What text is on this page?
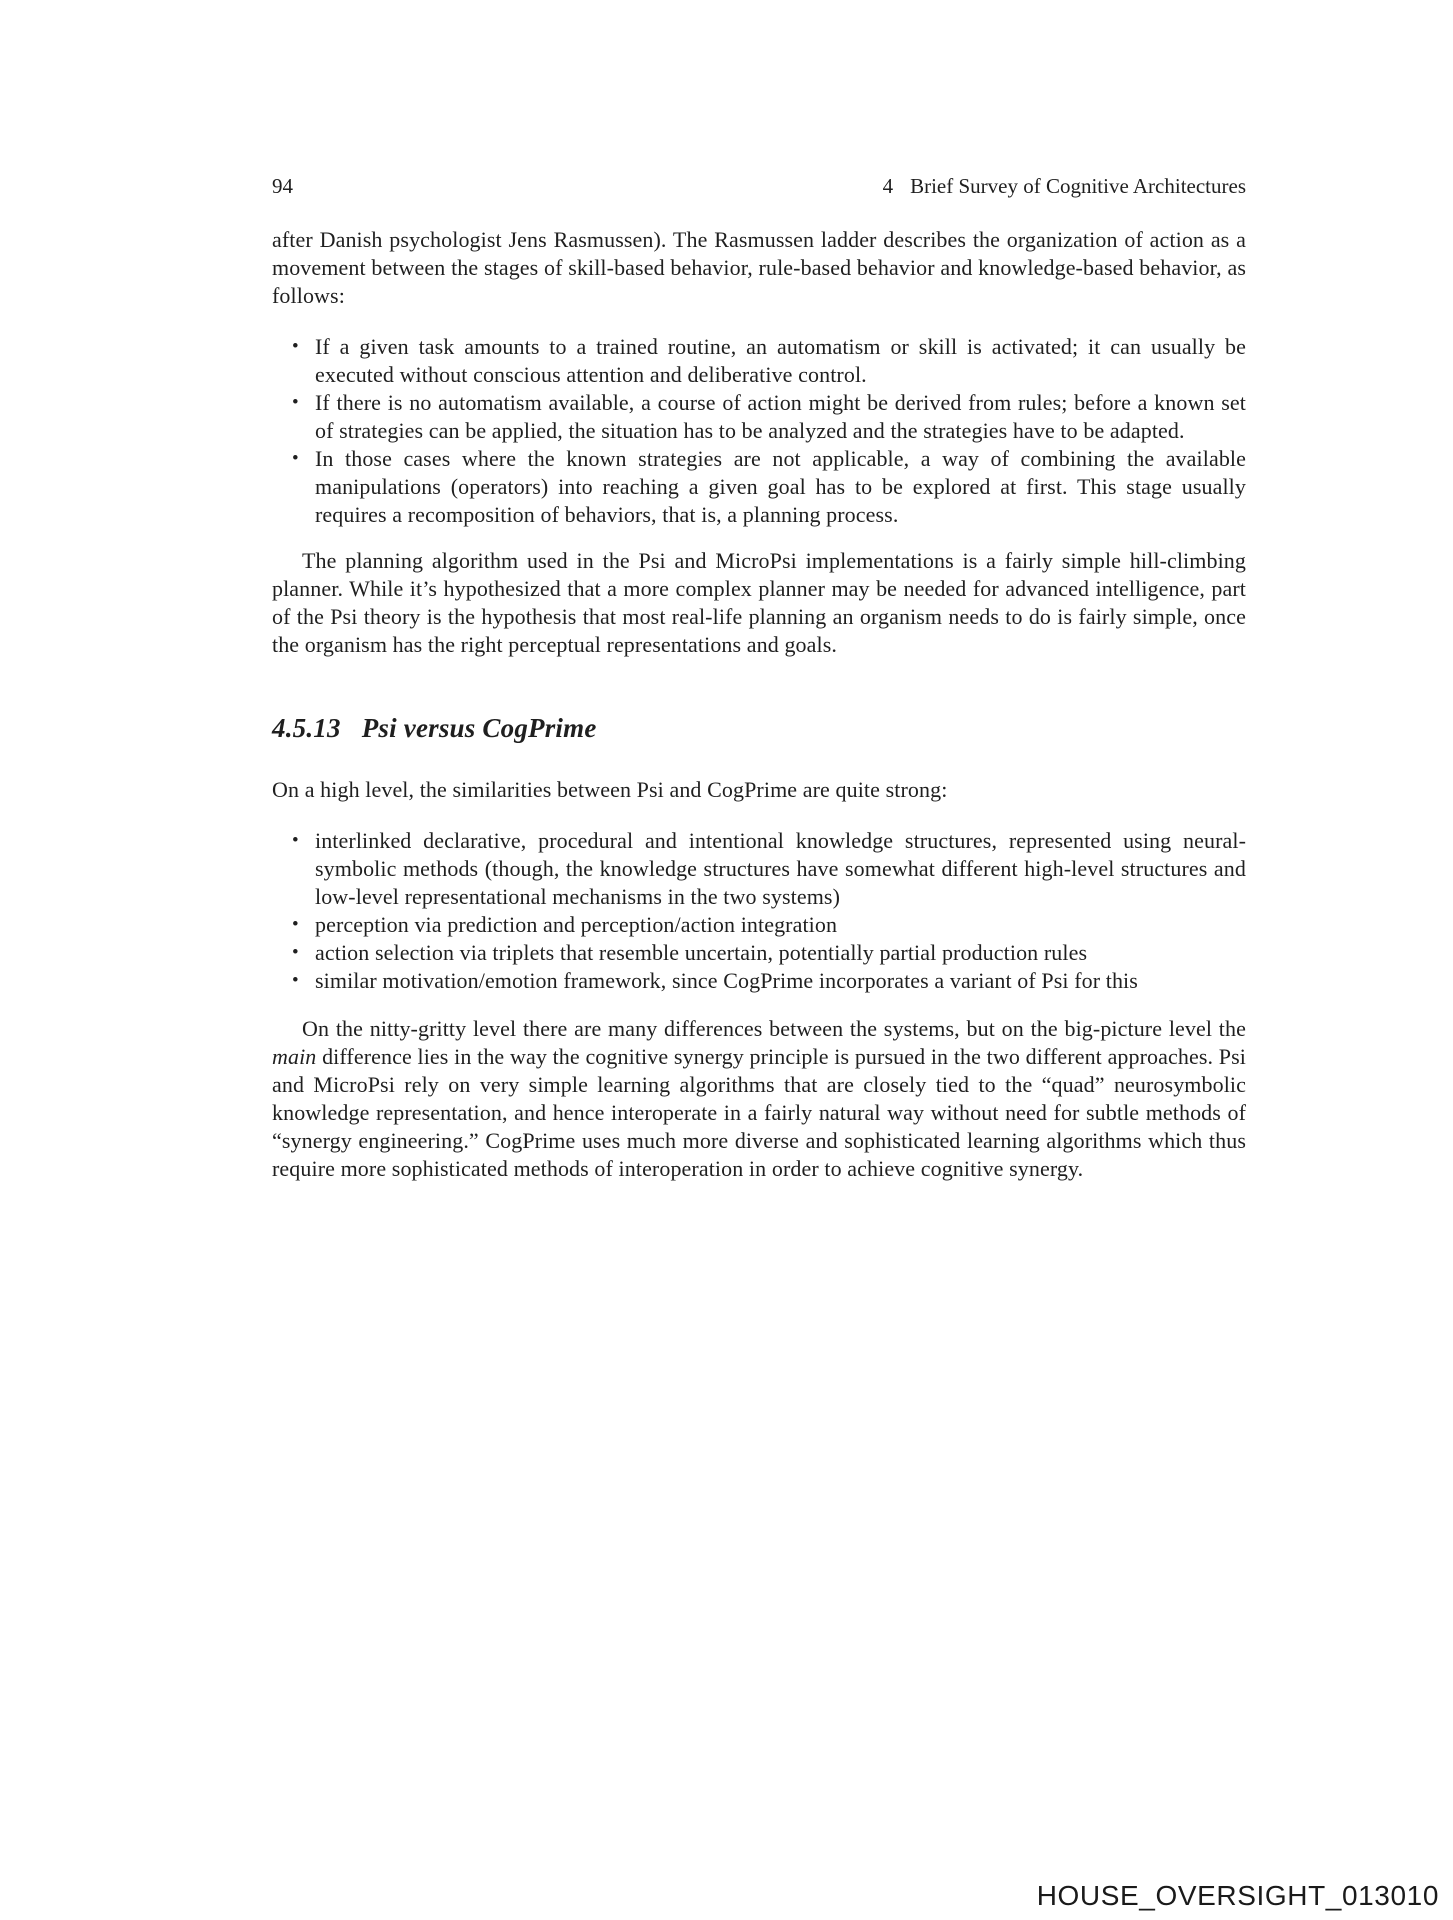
94	4 Brief Survey of Cognitive Architectures

after Danish psychologist Jens Rasmussen). The Rasmussen ladder describes the organization of action as a movement between the stages of skill-based behavior, rule-based behavior and knowledge-based behavior, as follows:

• If a given task amounts to a trained routine, an automatism or skill is activated; it can usually be executed without conscious attention and deliberative control.
• If there is no automatism available, a course of action might be derived from rules; before a known set of strategies can be applied, the situation has to be analyzed and the strategies have to be adapted.
• In those cases where the known strategies are not applicable, a way of combining the available manipulations (operators) into reaching a given goal has to be explored at first. This stage usually requires a recomposition of behaviors, that is, a planning process.

The planning algorithm used in the Psi and MicroPsi implementations is a fairly simple hill-climbing planner. While it’s hypothesized that a more complex planner may be needed for advanced intelligence, part of the Psi theory is the hypothesis that most real-life planning an organism needs to do is fairly simple, once the organism has the right perceptual representations and goals.

4.5.13 Psi versus CogPrime

On a high level, the similarities between Psi and CogPrime are quite strong:

• interlinked declarative, procedural and intentional knowledge structures, represented using neural-symbolic methods (though, the knowledge structures have somewhat different high-level structures and low-level representational mechanisms in the two systems)
• perception via prediction and perception/action integration
• action selection via triplets that resemble uncertain, potentially partial production rules
• similar motivation/emotion framework, since CogPrime incorporates a variant of Psi for this

On the nitty-gritty level there are many differences between the systems, but on the big-picture level the main difference lies in the way the cognitive synergy principle is pursued in the two different approaches. Psi and MicroPsi rely on very simple learning algorithms that are closely tied to the “quad” neurosymbolic knowledge representation, and hence interoperate in a fairly natural way without need for subtle methods of “synergy engineering.” CogPrime uses much more diverse and sophisticated learning algorithms which thus require more sophisticated methods of interoperation in order to achieve cognitive synergy.

HOUSE_OVERSIGHT_013010
